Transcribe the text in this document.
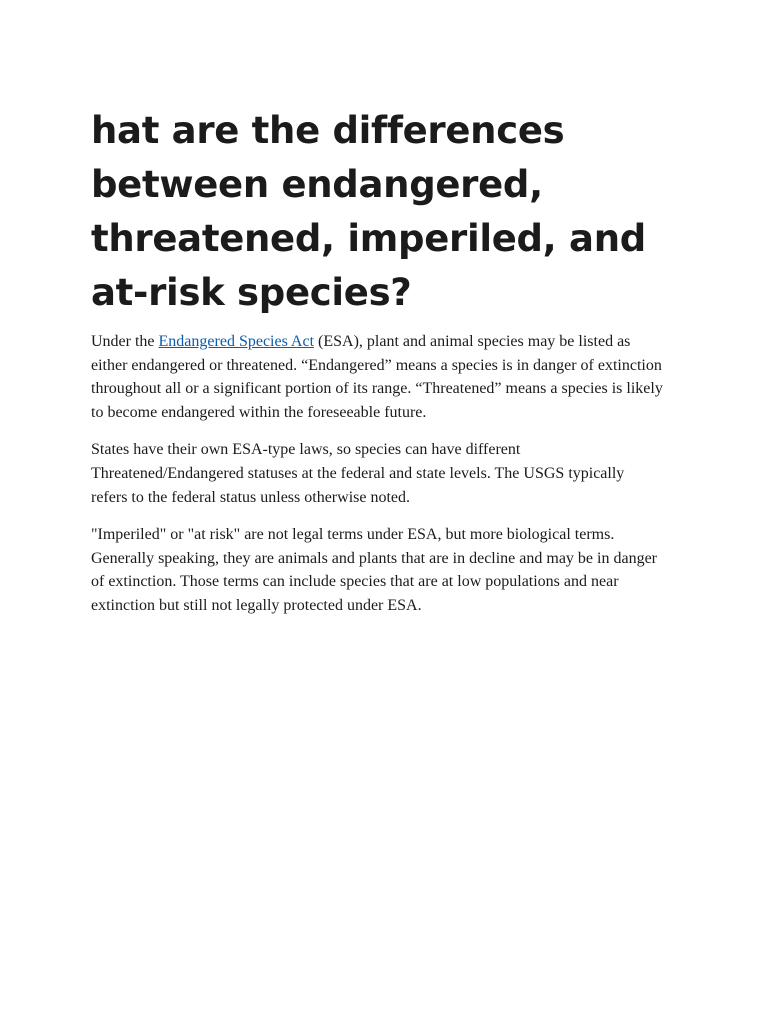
hat are the differences between endangered, threatened, imperiled, and at-risk species?

Under the Endangered Species Act (ESA), plant and animal species may be listed as either endangered or threatened. “Endangered” means a species is in danger of extinction throughout all or a significant portion of its range. “Threatened” means a species is likely to become endangered within the foreseeable future.

States have their own ESA-type laws, so species can have different Threatened/Endangered statuses at the federal and state levels. The USGS typically refers to the federal status unless otherwise noted.

"Imperiled" or "at risk" are not legal terms under ESA, but more biological terms. Generally speaking, they are animals and plants that are in decline and may be in danger of extinction. Those terms can include species that are at low populations and near extinction but still not legally protected under ESA.
